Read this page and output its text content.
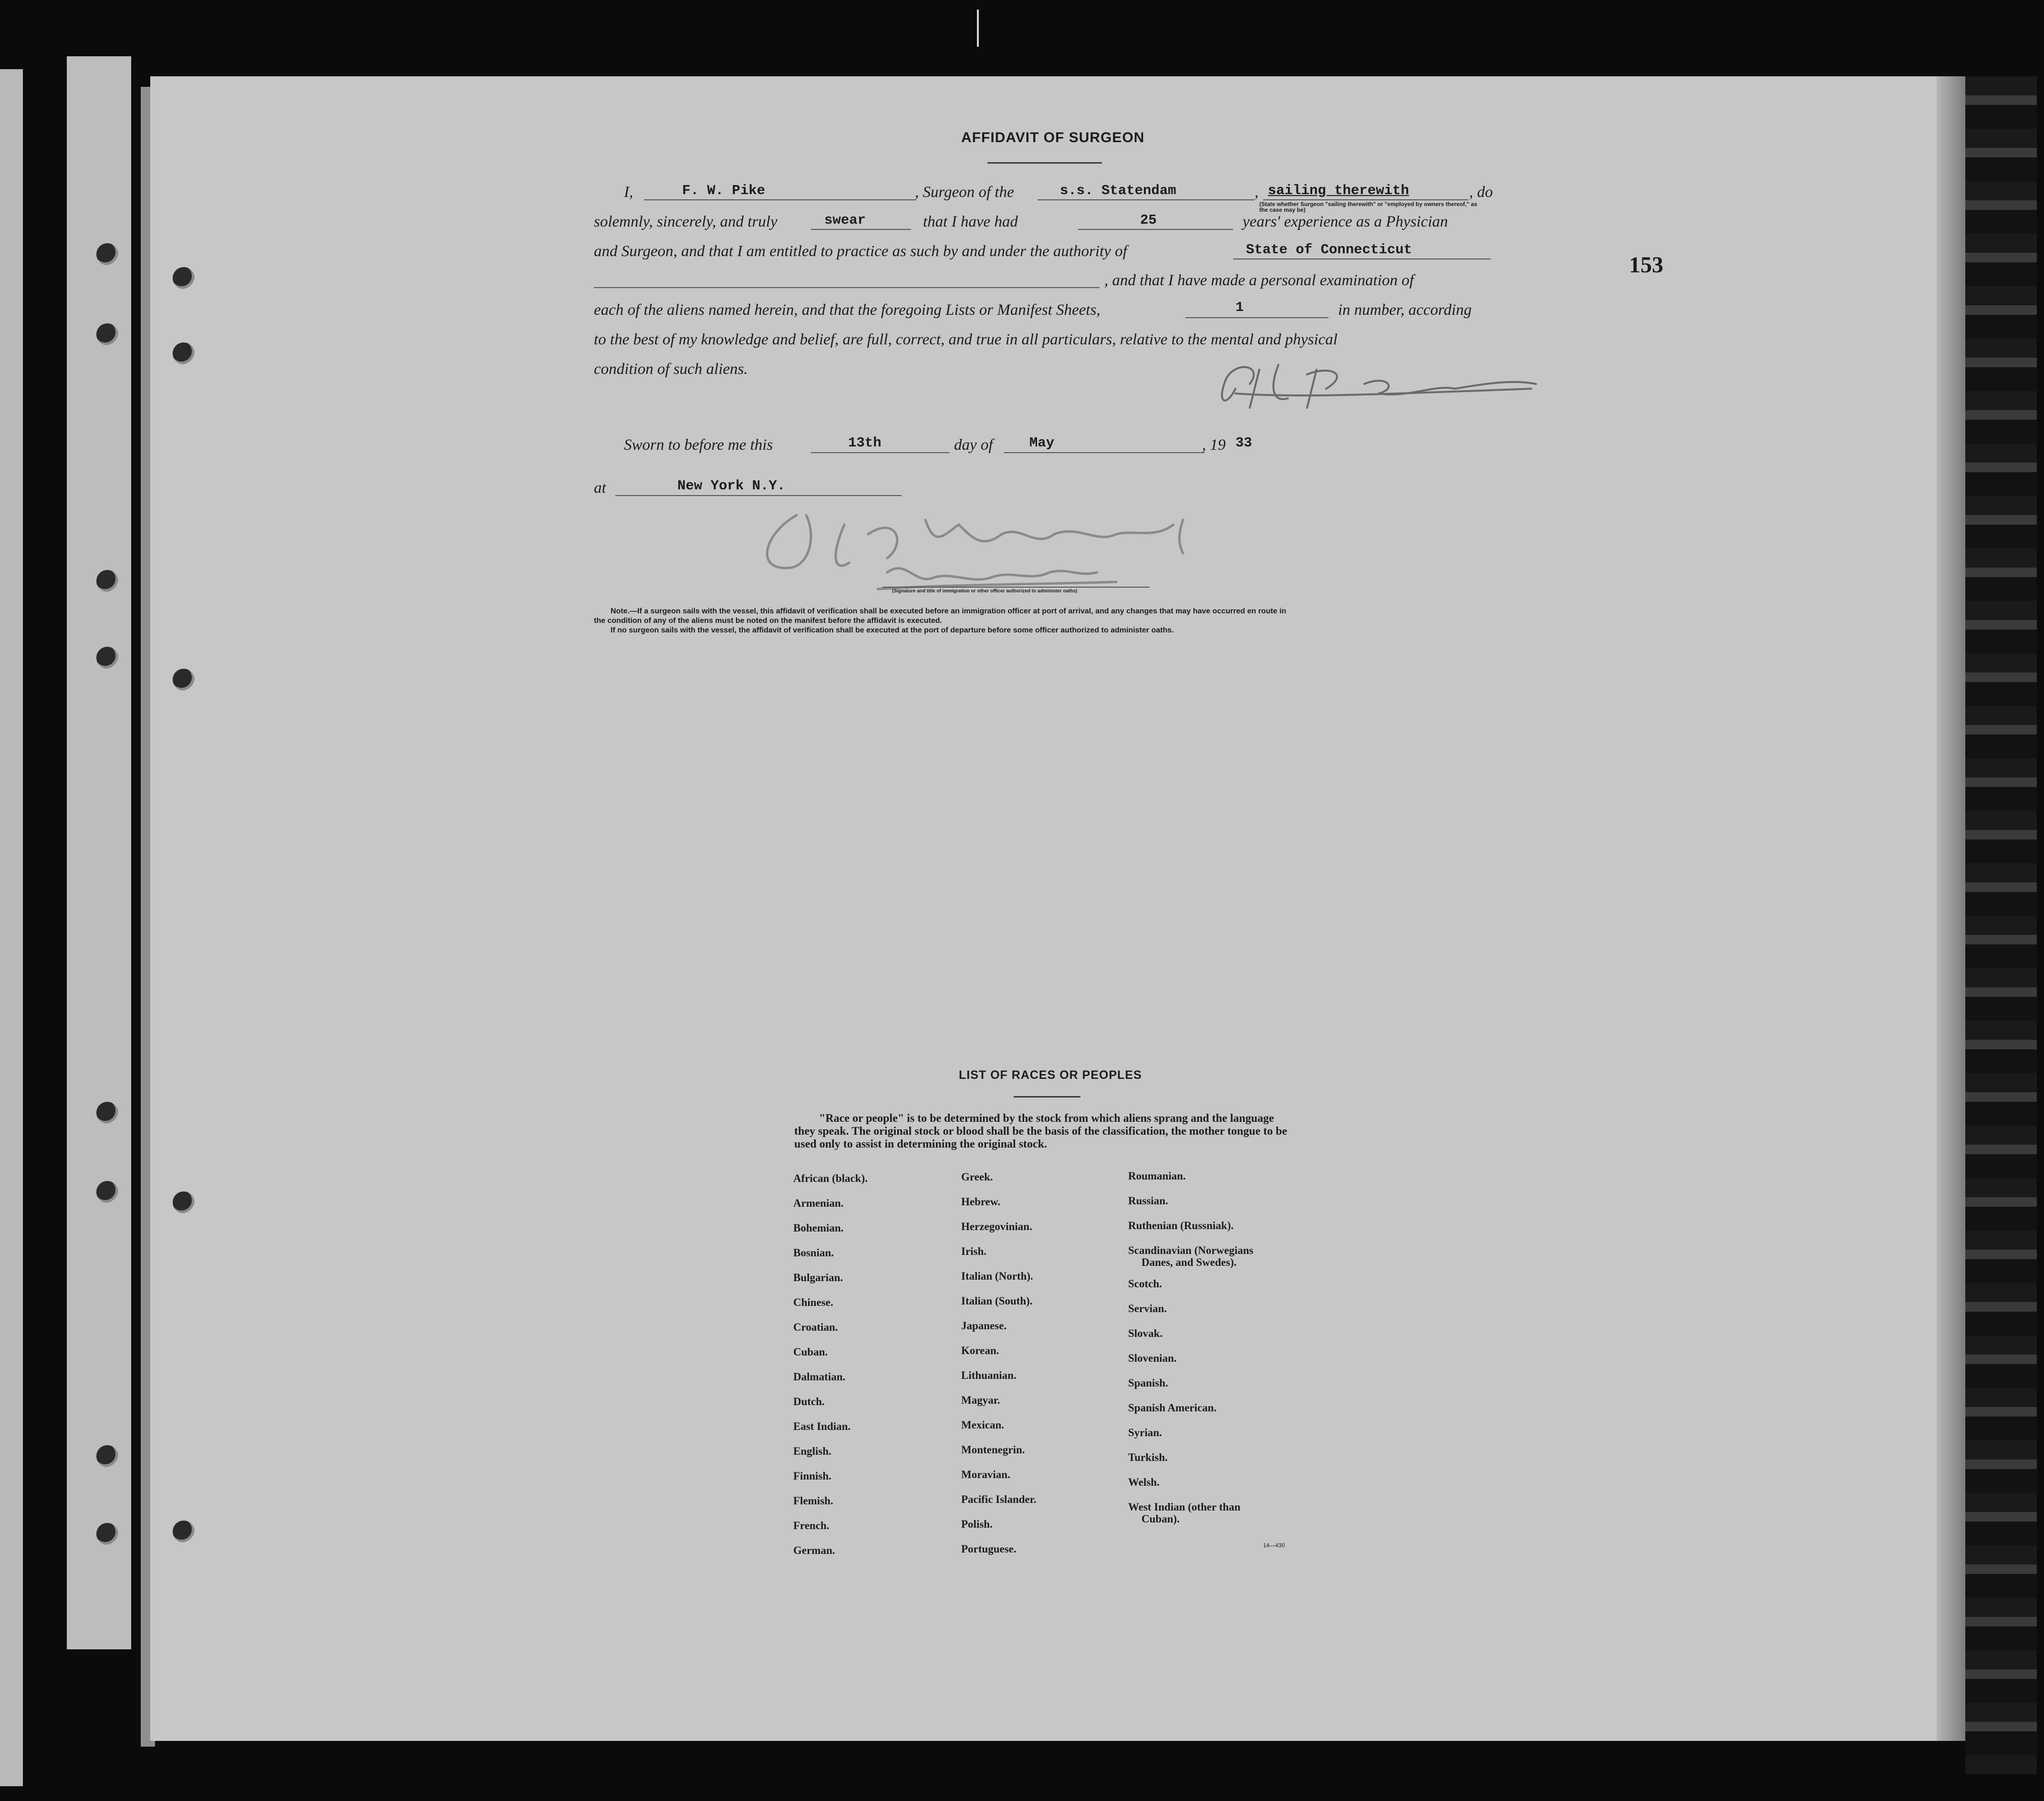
153
AFFIDAVIT OF SURGEON
I,	F. W. Pike	, Surgeon of the	s.s. Statendam	, sailing therewith	, do
(State whether Surgeon "sailing therewith" or "employed by owners thereof," as the case may be)
solemnly, sincerely, and truly	swear	that I have had	25	years' experience as a Physician
and Surgeon, and that I am entitled to practice as such by and under the authority of	State of Connecticut
, and that I have made a personal examination of
each of the aliens named herein, and that the foregoing Lists or Manifest Sheets,	1	in number, according
to the best of my knowledge and belief, are full, correct, and true in all particulars, relative to the mental and physical
condition of such aliens.
Sworn to before me this	13th	day of	May	, 19 33
at	New York N.Y.
(Signature and title of immigration or other officer authorized to administer oaths)
Note.—If a surgeon sails with the vessel, this affidavit of verification shall be executed before an immigration officer at port of arrival, and any changes that may have occurred en route in
the condition of any of the aliens must be noted on the manifest before the affidavit is executed.
If no surgeon sails with the vessel, the affidavit of verification shall be executed at the port of departure before some officer authorized to administer oaths.
LIST OF RACES OR PEOPLES
"Race or people" is to be determined by the stock from which aliens sprang and the language they speak. The original stock or blood shall be the basis of the classification, the mother tongue to be used only to assist in determining the original stock.
African (black).
Armenian.
Bohemian.
Bosnian.
Bulgarian.
Chinese.
Croatian.
Cuban.
Dalmatian.
Dutch.
East Indian.
English.
Finnish.
Flemish.
French.
German.
Greek.
Hebrew.
Herzegovinian.
Irish.
Italian (North).
Italian (South).
Japanese.
Korean.
Lithuanian.
Magyar.
Mexican.
Montenegrin.
Moravian.
Pacific Islander.
Polish.
Portuguese.
Roumanian.
Russian.
Ruthenian (Russniak).
Scandinavian (Norwegians
Danes, and Swedes).
Scotch.
Servian.
Slovak.
Slovenian.
Spanish.
Spanish American.
Syrian.
Turkish.
Welsh.
West Indian (other than
Cuban).
14—430
